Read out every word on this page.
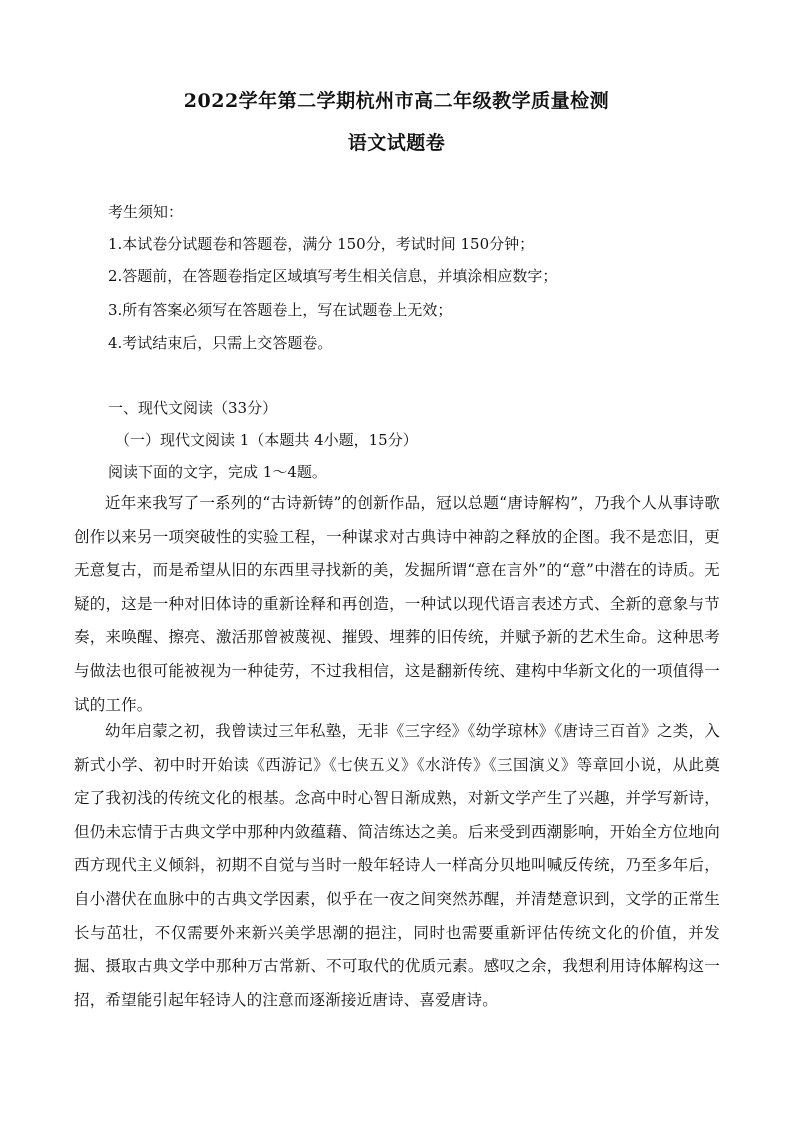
2022学年第二学期杭州市高二年级教学质量检测
语文试题卷
考生须知：
1.本试卷分试题卷和答题卷，满分 150分，考试时间 150分钟；
2.答题前，在答题卷指定区域填写考生相关信息，并填涂相应数字；
3.所有答案必须写在答题卷上，写在试题卷上无效；
4.考试结束后，只需上交答题卷。
一、现代文阅读（33分）
（一）现代文阅读 1（本题共 4小题，15分）
阅读下面的文字，完成 1～4题。
近年来我写了一系列的“古诗新铸”的创新作品，冠以总题“唐诗解构”，乃我个人从事诗歌创作以来另一项突破性的实验工程，一种谋求对古典诗中神韵之释放的企图。我不是恋旧，更无意复古，而是希望从旧的东西里寻找新的美，发掘所谓“意在言外”的“意”中潜在的诗质。无疑的，这是一种对旧体诗的重新诠释和再创造，一种试以现代语言表述方式、全新的意象与节奏，来唤醒、擦亮、激活那曾被蔑视、摧毁、埋葬的旧传统，并赋予新的艺术生命。这种思考与做法也很可能被视为一种徒劳，不过我相信，这是翻新传统、建构中华新文化的一项值得一试的工作。
幼年启蒙之初，我曾读过三年私塾，无非《三字经》《幼学琼林》《唐诗三百首》之类，入新式小学、初中时开始读《西游记》《七侠五义》《水浒传》《三国演义》等章回小说，从此奠定了我初浅的传统文化的根基。念高中时心智日渐成熟，对新文学产生了兴趣，并学写新诗，但仍未忘情于古典文学中那种内敛蕴藉、简洁练达之美。后来受到西潮影响，开始全方位地向西方现代主义倾斜，初期不自觉与当时一般年轻诗人一样高分贝地叫喊反传统，乃至多年后，自小潜伏在血脉中的古典文学因素，似乎在一夜之间突然苏醒，并清楚意识到，文学的正常生长与茁壮，不仅需要外来新兴美学思潮的挹注，同时也需要重新评估传统文化的价值，并发掘、摄取古典文学中那种万古常新、不可取代的优质元素。感叹之余，我想利用诗体解构这一招，希望能引起年轻诗人的注意而逐渐接近唐诗、喜爱唐诗。
